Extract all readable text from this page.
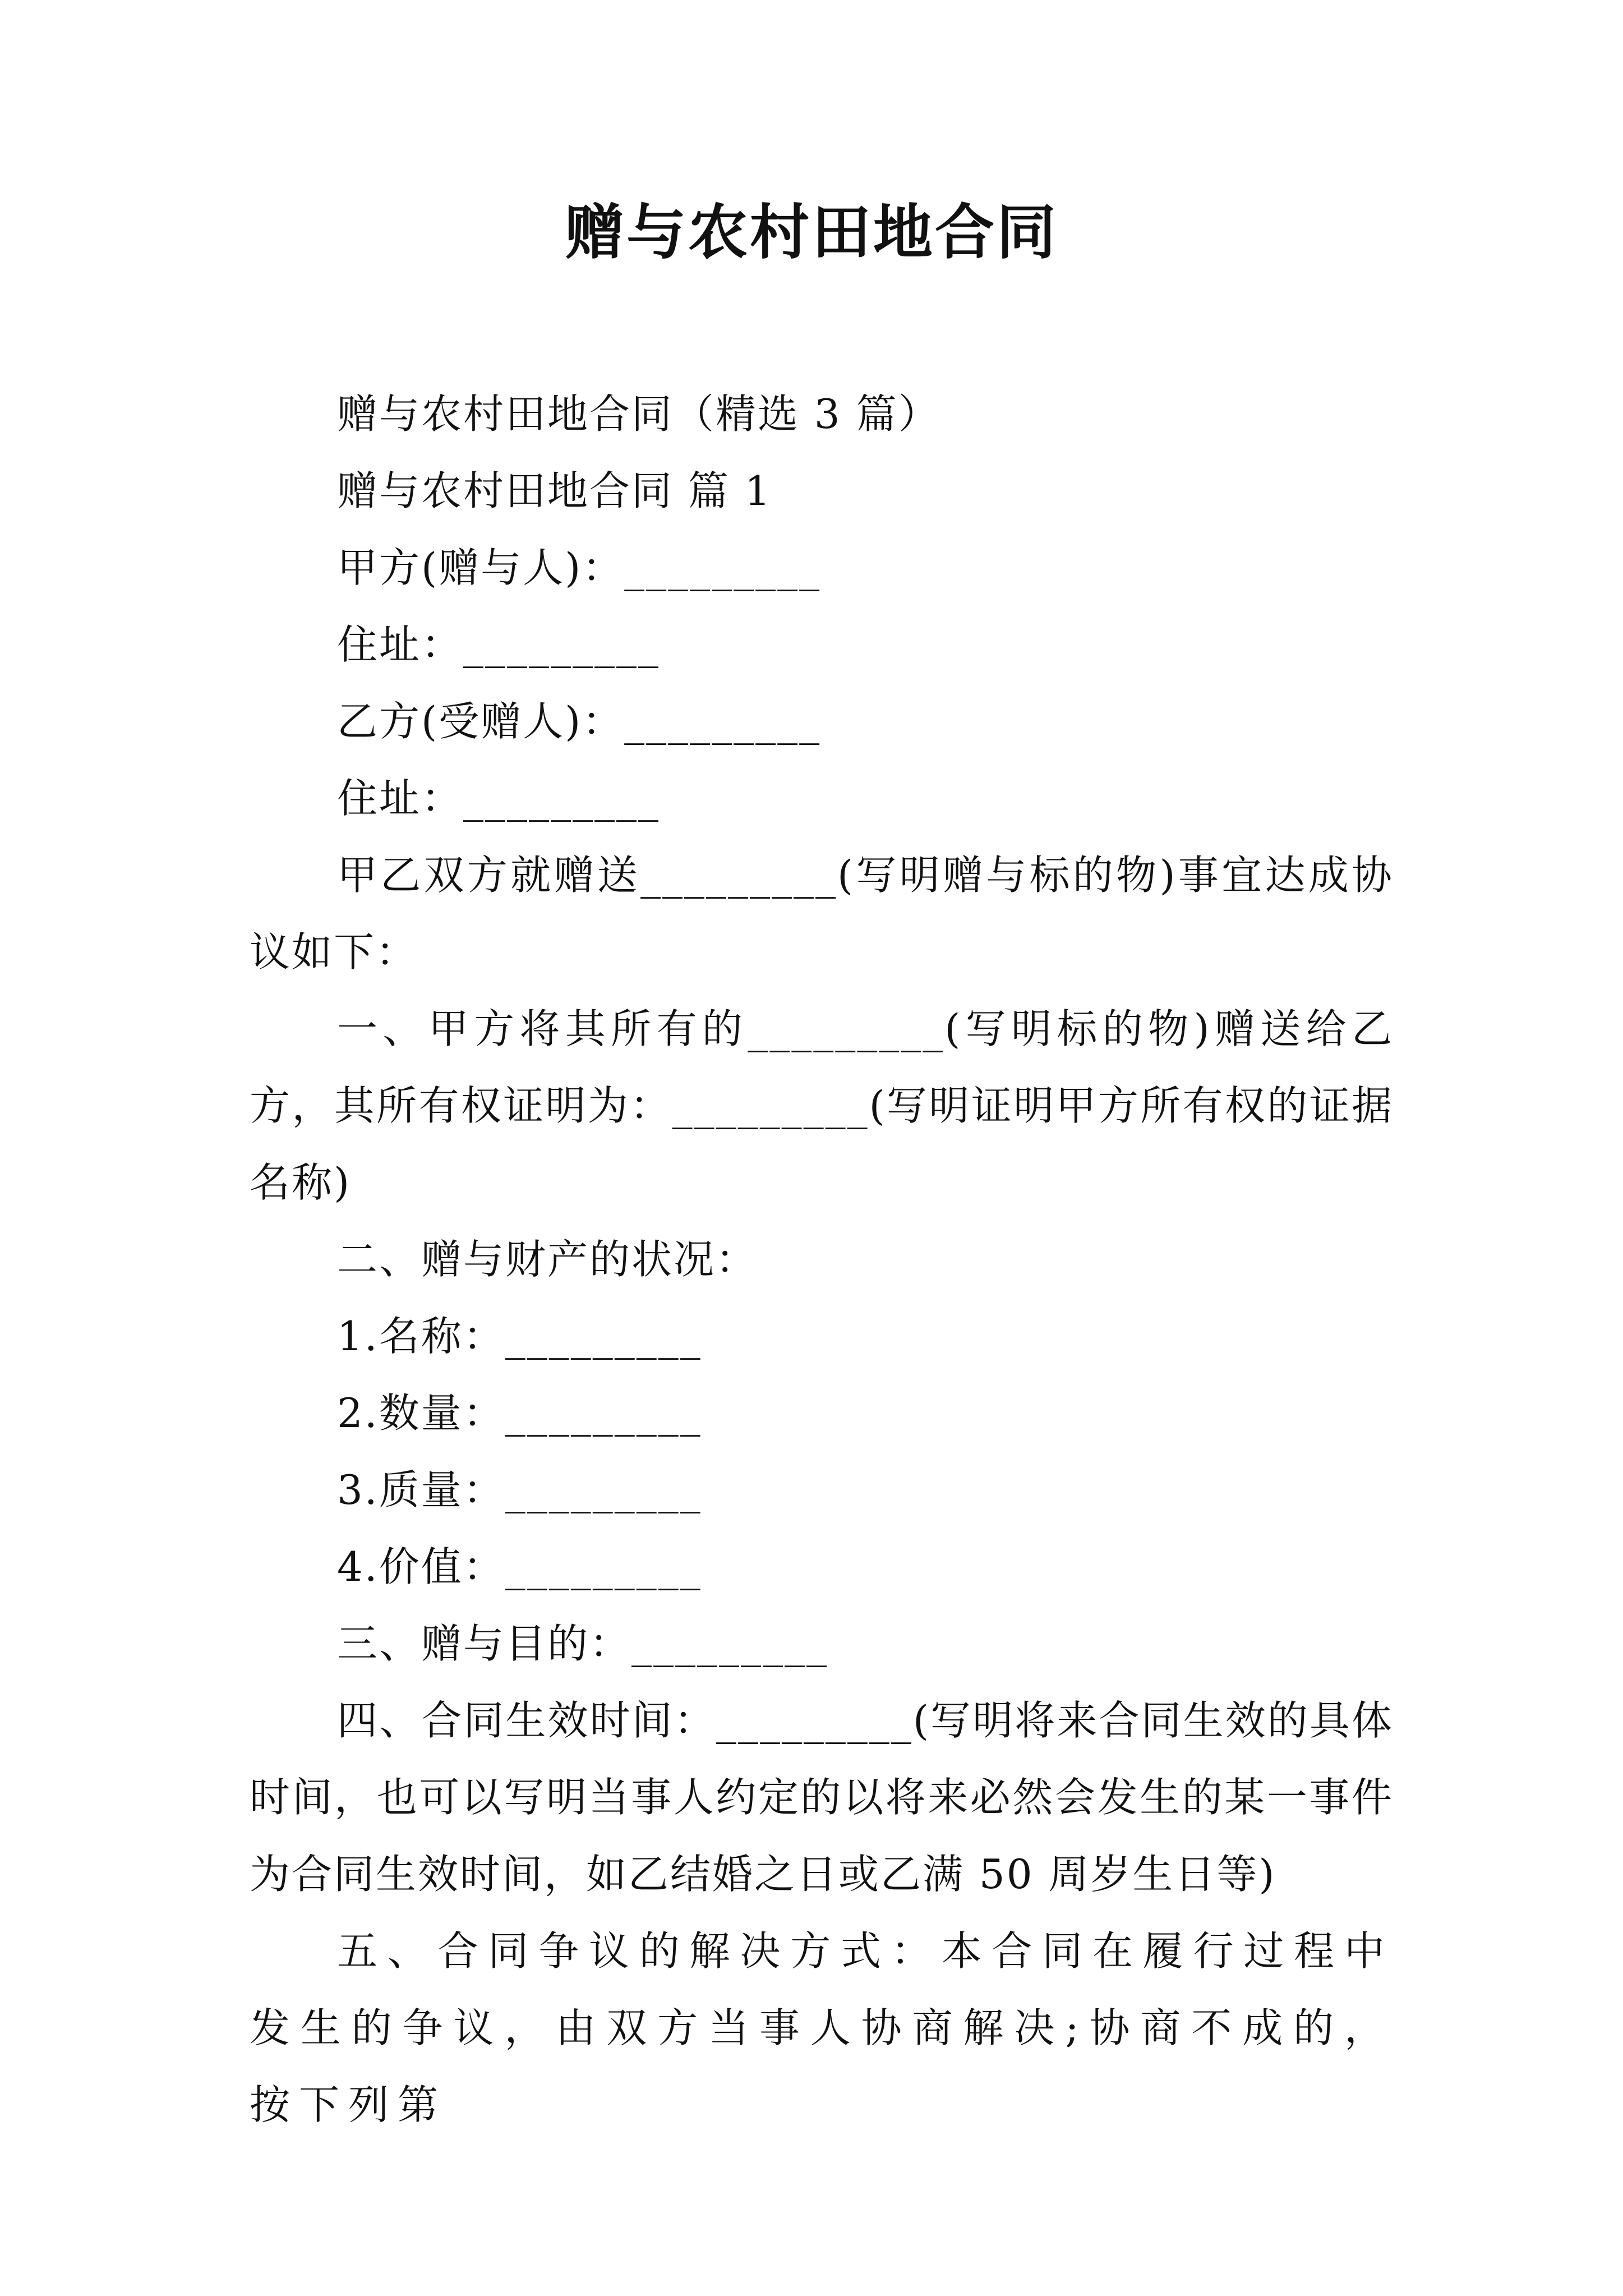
赠与农村田地合同

赠与农村田地合同（精选 3 篇）

赠与农村田地合同 篇 1

甲方(赠与人)：_________

住址：_________

乙方(受赠人)：_________

住址：_________

甲乙双方就赠送_________(写明赠与标的物)事宜达成协议如下：

一、甲方将其所有的_________(写明标的物)赠送给乙方，其所有权证明为：_________(写明证明甲方所有权的证据名称)

二、赠与财产的状况：

1.名称：_________

2.数量：_________

3.质量：_________

4.价值：_________

三、赠与目的：_________

四、合同生效时间：_________(写明将来合同生效的具体时间，也可以写明当事人约定的以将来必然会发生的某一事件为合同生效时间，如乙结婚之日或乙满 50 周岁生日等)

五、合同争议的解决方式：本合同在履行过程中发生的争议，由双方当事人协商解决;协商不成的，按下列第
